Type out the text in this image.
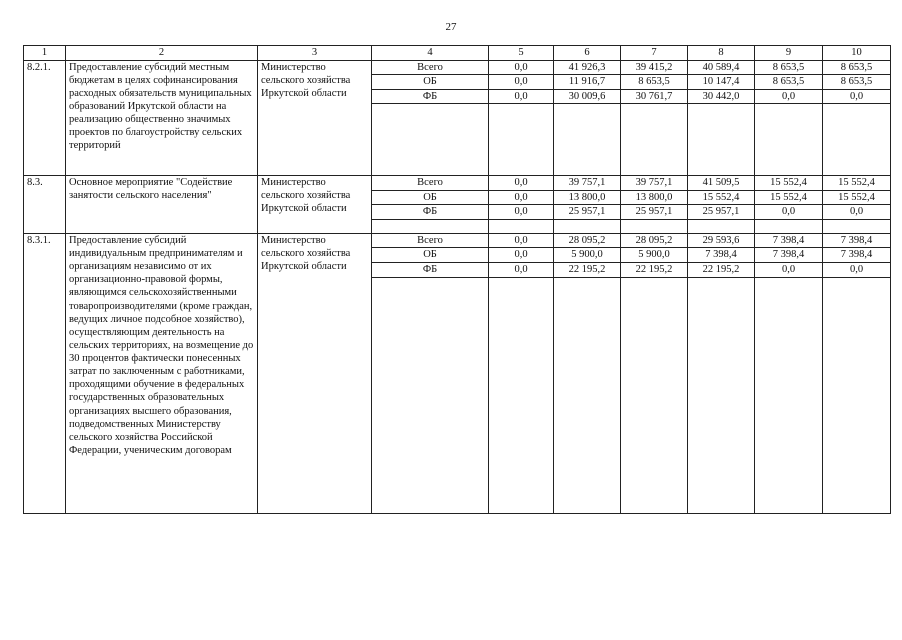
27
1	2	3	4	5	6	7	8	9	10
8.2.1.	Предоставление субсидий местным бюджетам в целях софинансирования расходных обязательств муниципальных образований Иркутской области на реализацию общественно значимых проектов по благоустройству сельских территорий	Министерство сельского хозяйства Иркутской области	Всего	0,0	41 926,3	39 415,2	40 589,4	8 653,5	8 653,5
			ОБ	0,0	11 916,7	8 653,5	10 147,4	8 653,5	8 653,5
			ФБ	0,0	30 009,6	30 761,7	30 442,0	0,0	0,0

8.3.	Основное мероприятие "Содействие занятости сельского населения"	Министерство сельского хозяйства Иркутской области	Всего	0,0	39 757,1	39 757,1	41 509,5	15 552,4	15 552,4
			ОБ	0,0	13 800,0	13 800,0	15 552,4	15 552,4	15 552,4
			ФБ	0,0	25 957,1	25 957,1	25 957,1	0,0	0,0

8.3.1.	Предоставление субсидий индивидуальным предпринимателям и организациям независимо от их организационно-правовой формы, являющимся сельскохозяйственными товаропроизводителями (кроме граждан, ведущих личное подсобное хозяйство), осуществляющим деятельность на сельских территориях, на возмещение до 30 процентов фактически понесенных затрат по заключенным с работниками, проходящими обучение в федеральных государственных образовательных организациях высшего образования, подведомственных Министерству сельского хозяйства Российской Федерации, ученическим договорам	Министерство сельского хозяйства Иркутской области	Всего	0,0	28 095,2	28 095,2	29 593,6	7 398,4	7 398,4
			ОБ	0,0	5 900,0	5 900,0	7 398,4	7 398,4	7 398,4
			ФБ	0,0	22 195,2	22 195,2	22 195,2	0,0	0,0
